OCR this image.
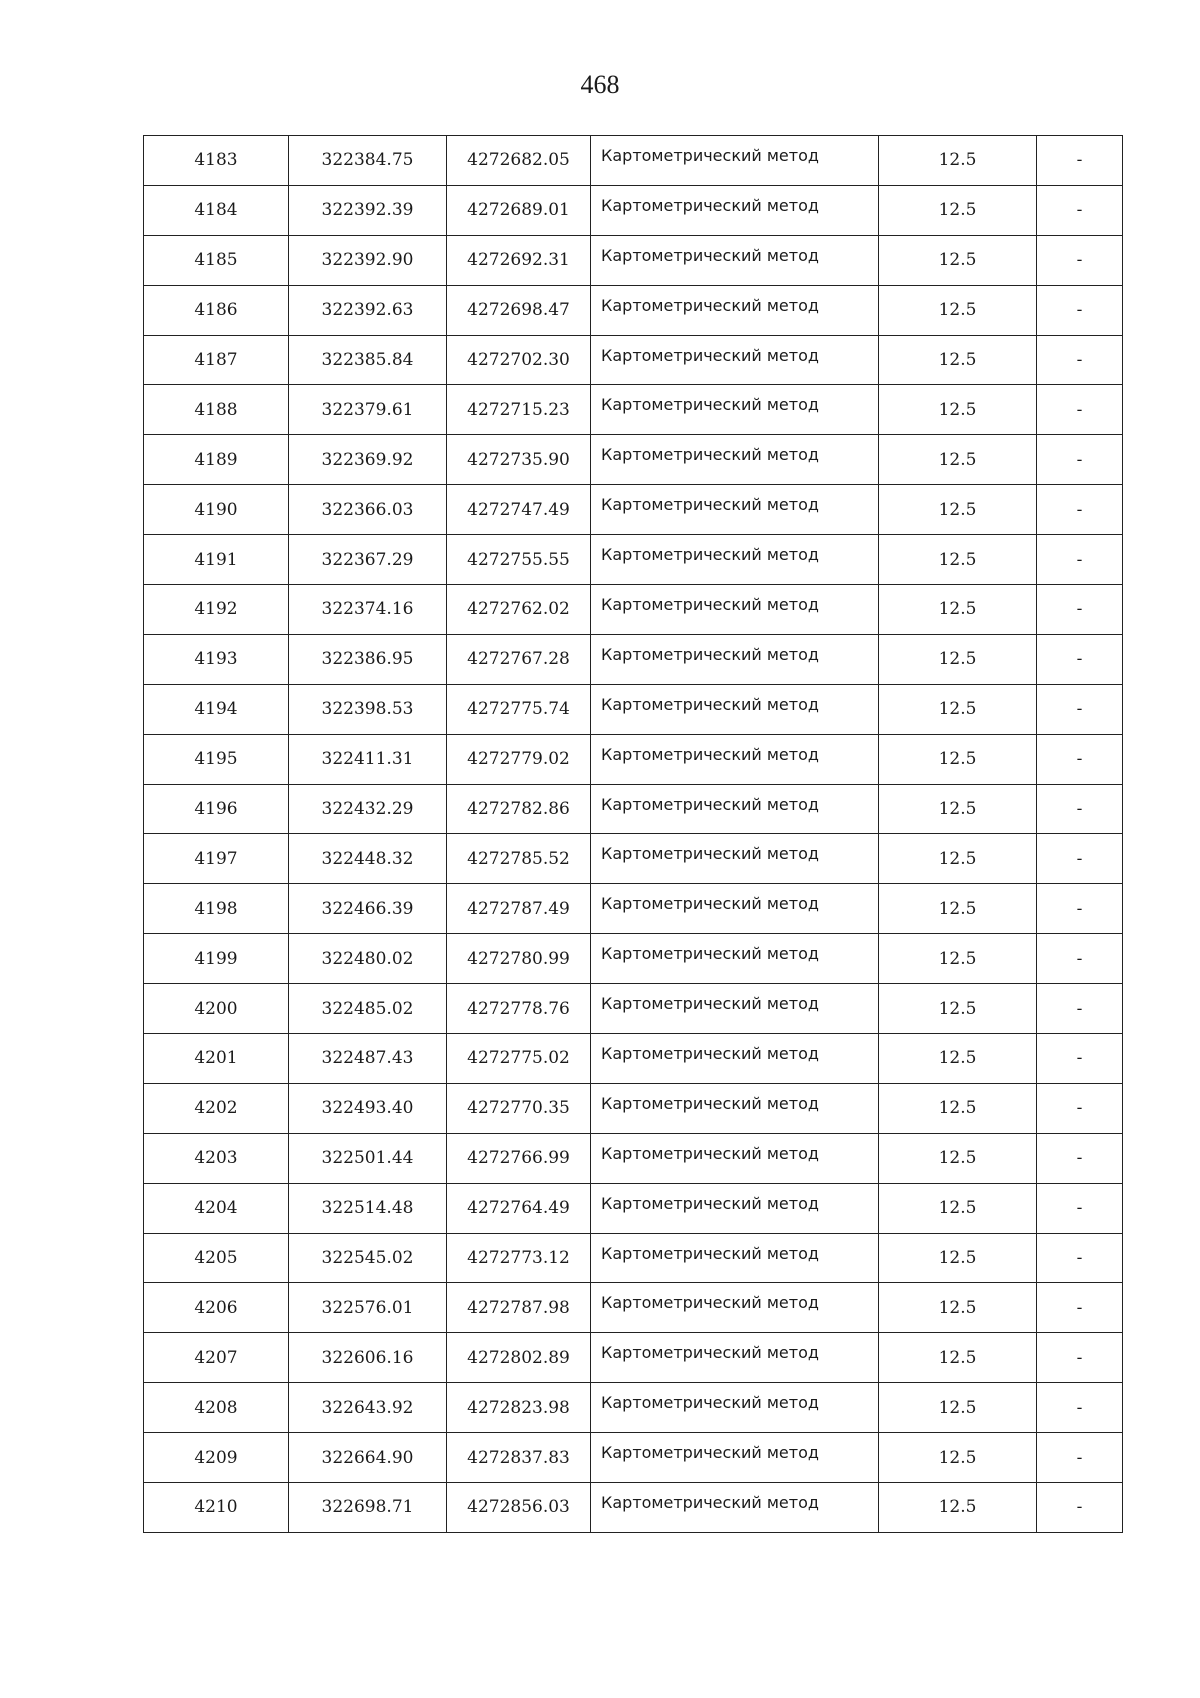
468
4183	322384.75	4272682.05	Картометрический метод	12.5	-
4184	322392.39	4272689.01	Картометрический метод	12.5	-
4185	322392.90	4272692.31	Картометрический метод	12.5	-
4186	322392.63	4272698.47	Картометрический метод	12.5	-
4187	322385.84	4272702.30	Картометрический метод	12.5	-
4188	322379.61	4272715.23	Картометрический метод	12.5	-
4189	322369.92	4272735.90	Картометрический метод	12.5	-
4190	322366.03	4272747.49	Картометрический метод	12.5	-
4191	322367.29	4272755.55	Картометрический метод	12.5	-
4192	322374.16	4272762.02	Картометрический метод	12.5	-
4193	322386.95	4272767.28	Картометрический метод	12.5	-
4194	322398.53	4272775.74	Картометрический метод	12.5	-
4195	322411.31	4272779.02	Картометрический метод	12.5	-
4196	322432.29	4272782.86	Картометрический метод	12.5	-
4197	322448.32	4272785.52	Картометрический метод	12.5	-
4198	322466.39	4272787.49	Картометрический метод	12.5	-
4199	322480.02	4272780.99	Картометрический метод	12.5	-
4200	322485.02	4272778.76	Картометрический метод	12.5	-
4201	322487.43	4272775.02	Картометрический метод	12.5	-
4202	322493.40	4272770.35	Картометрический метод	12.5	-
4203	322501.44	4272766.99	Картометрический метод	12.5	-
4204	322514.48	4272764.49	Картометрический метод	12.5	-
4205	322545.02	4272773.12	Картометрический метод	12.5	-
4206	322576.01	4272787.98	Картометрический метод	12.5	-
4207	322606.16	4272802.89	Картометрический метод	12.5	-
4208	322643.92	4272823.98	Картометрический метод	12.5	-
4209	322664.90	4272837.83	Картометрический метод	12.5	-
4210	322698.71	4272856.03	Картометрический метод	12.5	-
